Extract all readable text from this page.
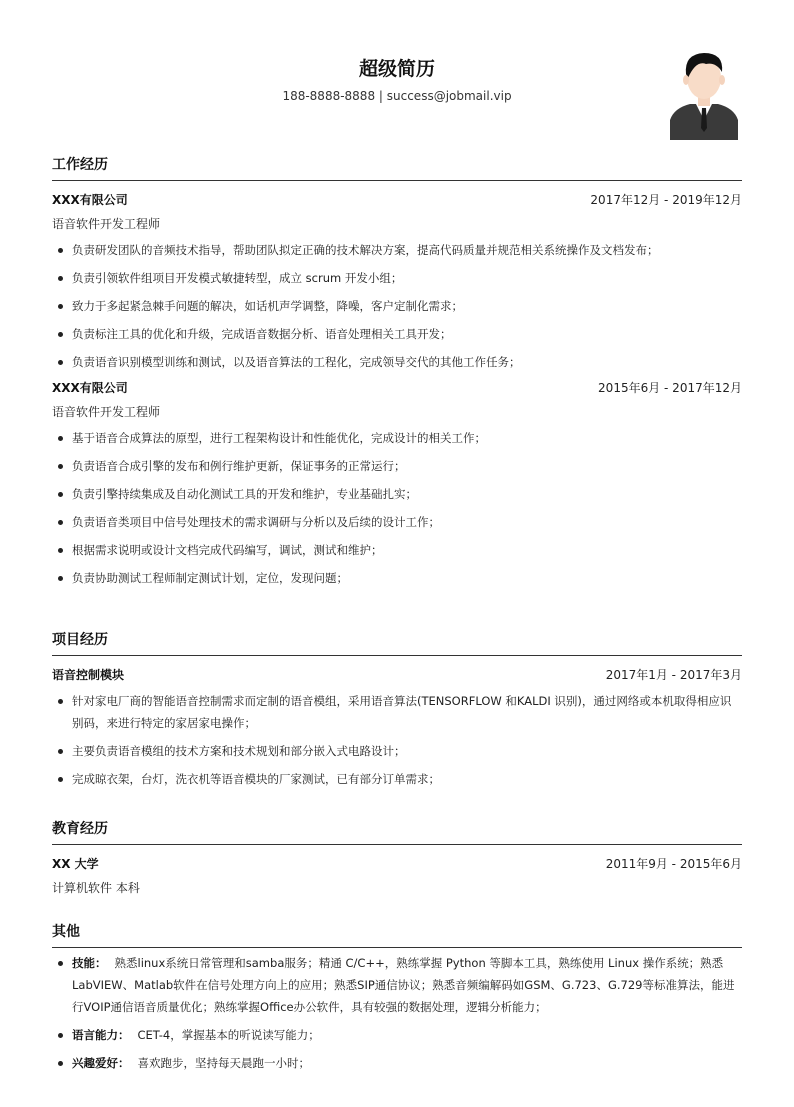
超级简历
188-8888-8888 | success@jobmail.vip
工作经历
XXX有限公司	2017年12月 - 2019年12月
语音软件开发工程师
负责研发团队的音频技术指导，帮助团队拟定正确的技术解决方案，提高代码质量并规范相关系统操作及文档发布；
负责引领软件组项目开发模式敏捷转型，成立 scrum 开发小组；
致力于多起紧急棘手问题的解决，如话机声学调整，降噪，客户定制化需求；
负责标注工具的优化和升级，完成语音数据分析、语音处理相关工具开发；
负责语音识别模型训练和测试，以及语音算法的工程化，完成领导交代的其他工作任务；
XXX有限公司	2015年6月 - 2017年12月
语音软件开发工程师
基于语音合成算法的原型，进行工程架构设计和性能优化，完成设计的相关工作；
负责语音合成引擎的发布和例行维护更新，保证事务的正常运行；
负责引擎持续集成及自动化测试工具的开发和维护，专业基础扎实；
负责语音类项目中信号处理技术的需求调研与分析以及后续的设计工作；
根据需求说明或设计文档完成代码编写，调试，测试和维护；
负责协助测试工程师制定测试计划，定位，发现问题；
项目经历
语音控制模块	2017年1月 - 2017年3月
针对家电厂商的智能语音控制需求而定制的语音模组，采用语音算法(TENSORFLOW 和KALDI 识别)，通过网络或本机取得相应识别码，来进行特定的家居家电操作；
主要负责语音模组的技术方案和技术规划和部分嵌入式电路设计；
完成晾衣架，台灯，洗衣机等语音模块的厂家测试，已有部分订单需求；
教育经历
XX 大学	2011年9月 - 2015年6月
计算机软件 本科
其他
技能： 熟悉linux系统日常管理和samba服务；精通 C/C++，熟练掌握 Python 等脚本工具，熟练使用 Linux 操作系统；熟悉LabVIEW、Matlab软件在信号处理方向上的应用；熟悉SIP通信协议；熟悉音频编解码如GSM、G.723、G.729等标准算法，能进行VOIP通信语音质量优化；熟练掌握Office办公软件，具有较强的数据处理，逻辑分析能力；
语言能力： CET-4，掌握基本的听说读写能力；
兴趣爱好： 喜欢跑步，坚持每天晨跑一小时；
